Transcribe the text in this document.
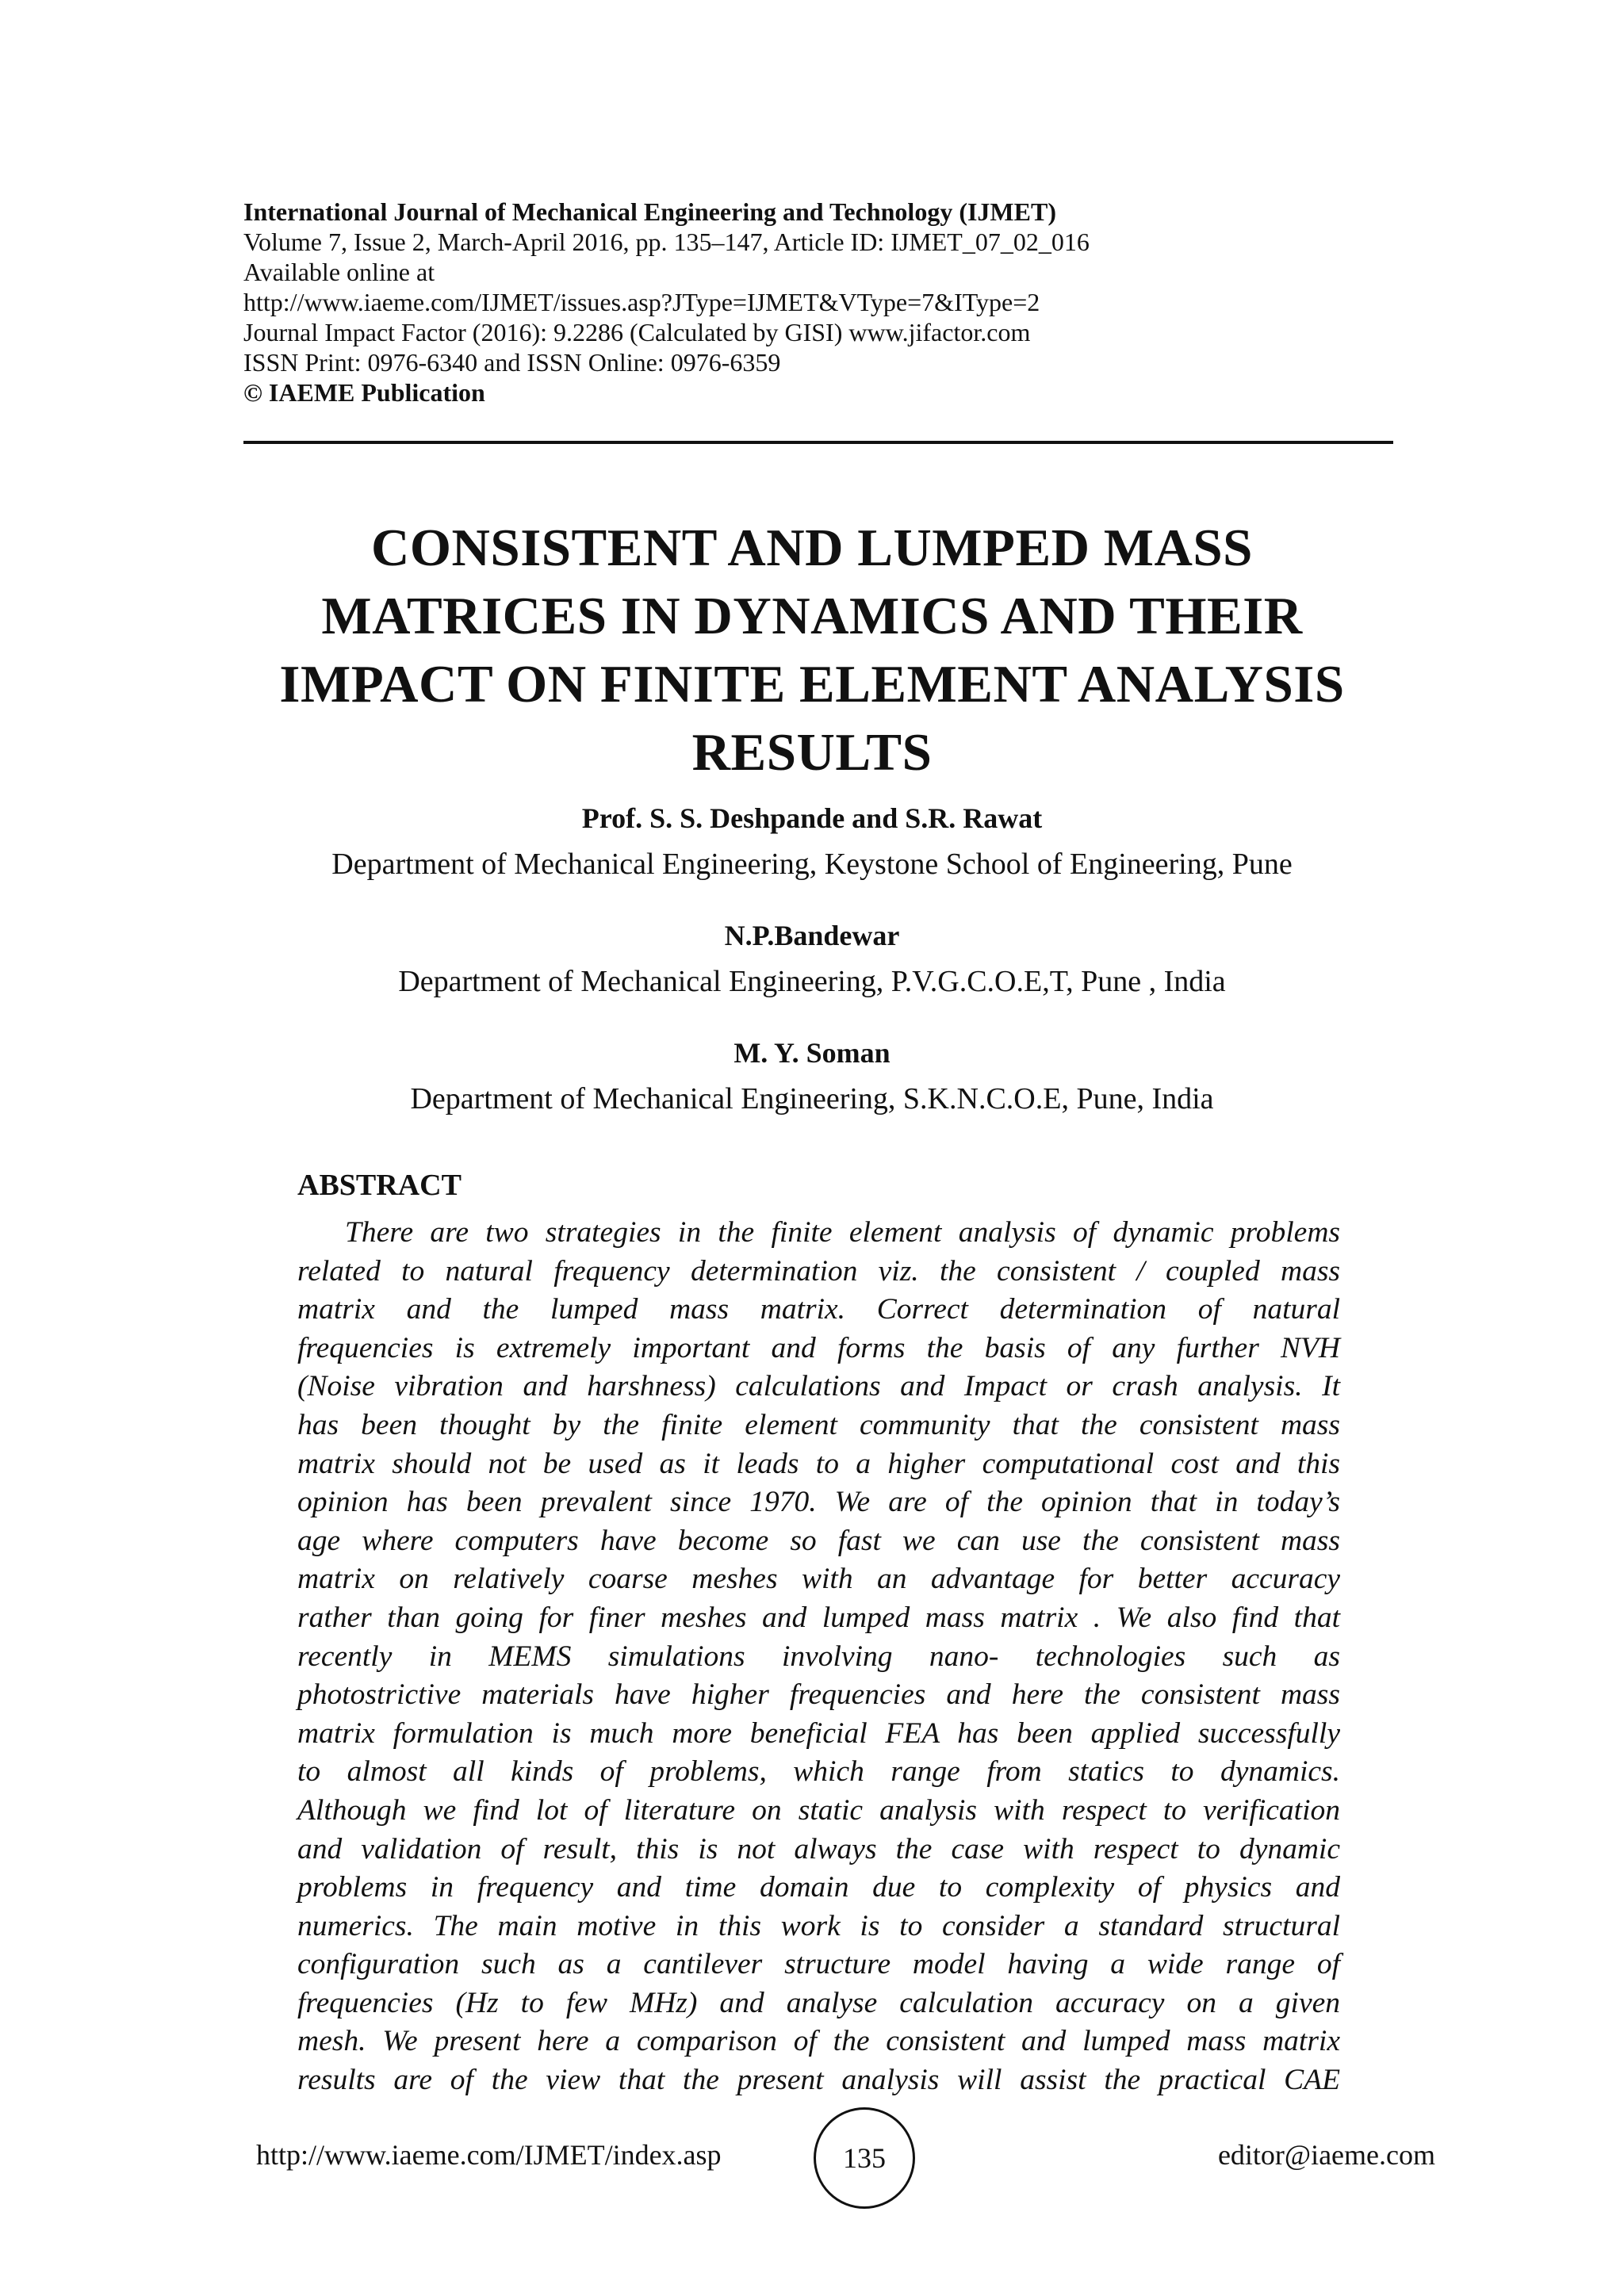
International Journal of Mechanical Engineering and Technology (IJMET)
Volume 7, Issue 2, March-April 2016, pp. 135–147, Article ID: IJMET_07_02_016
Available online at
http://www.iaeme.com/IJMET/issues.asp?JType=IJMET&VType=7&IType=2
Journal Impact Factor (2016): 9.2286 (Calculated by GISI) www.jifactor.com
ISSN Print: 0976-6340 and ISSN Online: 0976-6359
© IAEME Publication
CONSISTENT AND LUMPED MASS
MATRICES IN DYNAMICS AND THEIR
IMPACT ON FINITE ELEMENT ANALYSIS
RESULTS
Prof. S. S. Deshpande and S.R. Rawat
Department of Mechanical Engineering, Keystone School of Engineering, Pune
N.P.Bandewar
Department of Mechanical Engineering, P.V.G.C.O.E,T, Pune , India
M. Y. Soman
Department of Mechanical Engineering, S.K.N.C.O.E, Pune, India
ABSTRACT
There are two strategies in the finite element analysis of dynamic problems
related to natural frequency determination viz. the consistent / coupled mass
matrix and the lumped mass matrix. Correct determination of natural
frequencies is extremely important and forms the basis of any further NVH
(Noise vibration and harshness) calculations and Impact or crash analysis. It
has been thought by the finite element community that the consistent mass
matrix should not be used as it leads to a higher computational cost and this
opinion has been prevalent since 1970. We are of the opinion that in today’s
age where computers have become so fast we can use the consistent mass
matrix on relatively coarse meshes with an advantage for better accuracy
rather than going for finer meshes and lumped mass matrix . We also find that
recently in MEMS simulations involving nano- technologies such as
photostrictive materials have higher frequencies and here the consistent mass
matrix formulation is much more beneficial FEA has been applied successfully
to almost all kinds of problems, which range from statics to dynamics.
Although we find lot of literature on static analysis with respect to verification
and validation of result, this is not always the case with respect to dynamic
problems in frequency and time domain due to complexity of physics and
numerics. The main motive in this work is to consider a standard structural
configuration such as a cantilever structure model having a wide range of
frequencies (Hz to few MHz) and analyse calculation accuracy on a given
mesh. We present here a comparison of the consistent and lumped mass matrix
results are of the view that the present analysis will assist the practical CAE
http://www.iaeme.com/IJMET/index.asp	135	editor@iaeme.com
